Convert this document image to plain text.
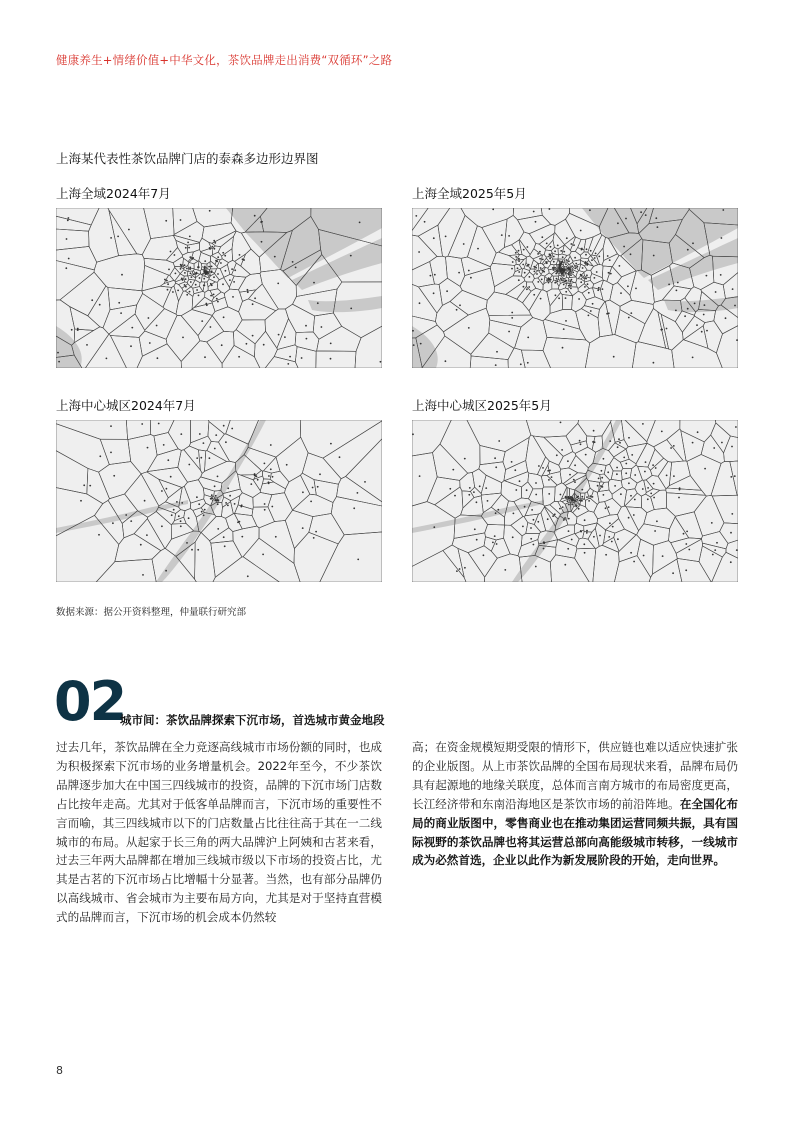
健康养生+情绪价值+中华文化，茶饮品牌走出消费“双循环”之路
上海某代表性茶饮品牌门店的泰森多边形边界图
上海全域2024年7月	上海全域2025年5月
上海中心城区2024年7月	上海中心城区2025年5月
数据来源：据公开资料整理，仲量联行研究部
02
城市间：茶饮品牌探索下沉市场，首选城市黄金地段
过去几年，茶饮品牌在全力竞逐高线城市市场份额的同时，也成为积极探索下沉市场的业务增量机会。2022年至今，不少茶饮品牌逐步加大在中国三四线城市的投资，品牌的下沉市场门店数占比按年走高。尤其对于低客单品牌而言，下沉市场的重要性不言而喻，其三四线城市以下的门店数量占比往往高于其在一二线城市的布局。从起家于长三角的两大品牌沪上阿姨和古茗来看，过去三年两大品牌都在增加三线城市级以下市场的投资占比，尤其是古茗的下沉市场占比增幅十分显著。当然，也有部分品牌仍以高线城市、省会城市为主要布局方向，尤其是对于坚持直营模式的品牌而言，下沉市场的机会成本仍然较
高；在资金规模短期受限的情形下，供应链也难以适应快速扩张的企业版图。从上市茶饮品牌的全国布局现状来看，品牌布局仍具有起源地的地缘关联度，总体而言南方城市的布局密度更高，长江经济带和东南沿海地区是茶饮市场的前沿阵地。在全国化布局的商业版图中，零售商业也在推动集团运营同频共振，具有国际视野的茶饮品牌也将其运营总部向高能级城市转移，一线城市成为必然首选，企业以此作为新发展阶段的开始，走向世界。
8
